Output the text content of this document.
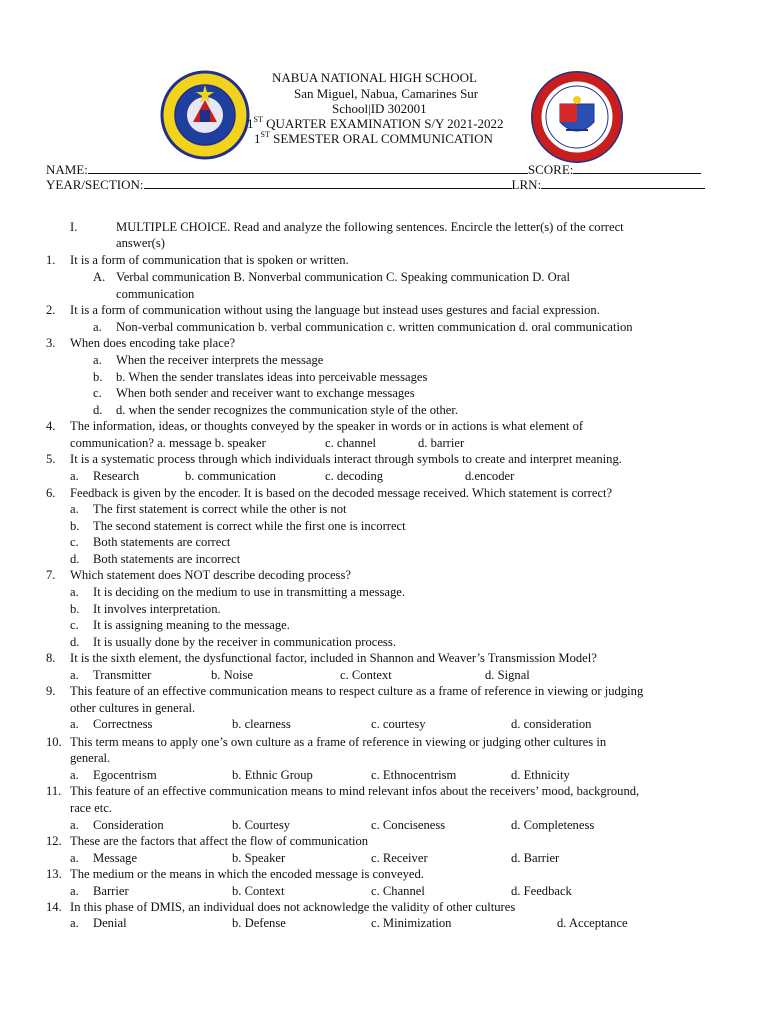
NABUA NATIONAL HIGH SCHOOL
San Miguel, Nabua, Camarines Sur
School|ID 302001
1ST QUARTER EXAMINATION S/Y 2021-2022
1ST SEMESTER ORAL COMMUNICATION
NAME:	SCORE:
YEAR/SECTION:	LRN:
I.	MULTIPLE CHOICE. Read and analyze the following sentences. Encircle the letter(s) of the correct
answer(s)
1. It is a form of communication that is spoken or written.
A. Verbal communication B. Nonverbal communication C. Speaking communication D. Oral
communication
2. It is a form of communication without using the language but instead uses gestures and facial expression.
a. Non-verbal communication b. verbal communication c. written communication d. oral communication
3. When does encoding take place?
a. When the receiver interprets the message
b. b. When the sender translates ideas into perceivable messages
c. When both sender and receiver want to exchange messages
d. d. when the sender recognizes the communication style of the other.
4. The information, ideas, or thoughts conveyed by the speaker in words or in actions is what element of
communication? a. message b. speaker	c. channel	d. barrier
5. It is a systematic process through which individuals interact through symbols to create and interpret meaning.
a. Research	b. communication	c. decoding	d.encoder
6. Feedback is given by the encoder. It is based on the decoded message received. Which statement is correct?
a. The first statement is correct while the other is not
b. The second statement is correct while the first one is incorrect
c. Both statements are correct
d. Both statements are incorrect
7. Which statement does NOT describe decoding process?
a. It is deciding on the medium to use in transmitting a message.
b. It involves interpretation.
c. It is assigning meaning to the message.
d. It is usually done by the receiver in communication process.
8. It is the sixth element, the dysfunctional factor, included in Shannon and Weaver’s Transmission Model?
a. Transmitter	b. Noise	c. Context	d. Signal
9. This feature of an effective communication means to respect culture as a frame of reference in viewing or judging
other cultures in general.
a. Correctness	b. clearness	c. courtesy	d. consideration
10. This term means to apply one’s own culture as a frame of reference in viewing or judging other cultures in
general.
a. Egocentrism	b. Ethnic Group	c. Ethnocentrism	d. Ethnicity
11. This feature of an effective communication means to mind relevant infos about the receivers’ mood, background,
race etc.
a. Consideration	b. Courtesy	c. Conciseness	d. Completeness
12. These are the factors that affect the flow of communication
a. Message	b. Speaker	c. Receiver	d. Barrier
13. The medium or the means in which the encoded message is conveyed.
a. Barrier	b. Context	c. Channel	d. Feedback
14. In this phase of DMIS, an individual does not acknowledge the validity of other cultures
a. Denial	b. Defense	c. Minimization	d. Acceptance
